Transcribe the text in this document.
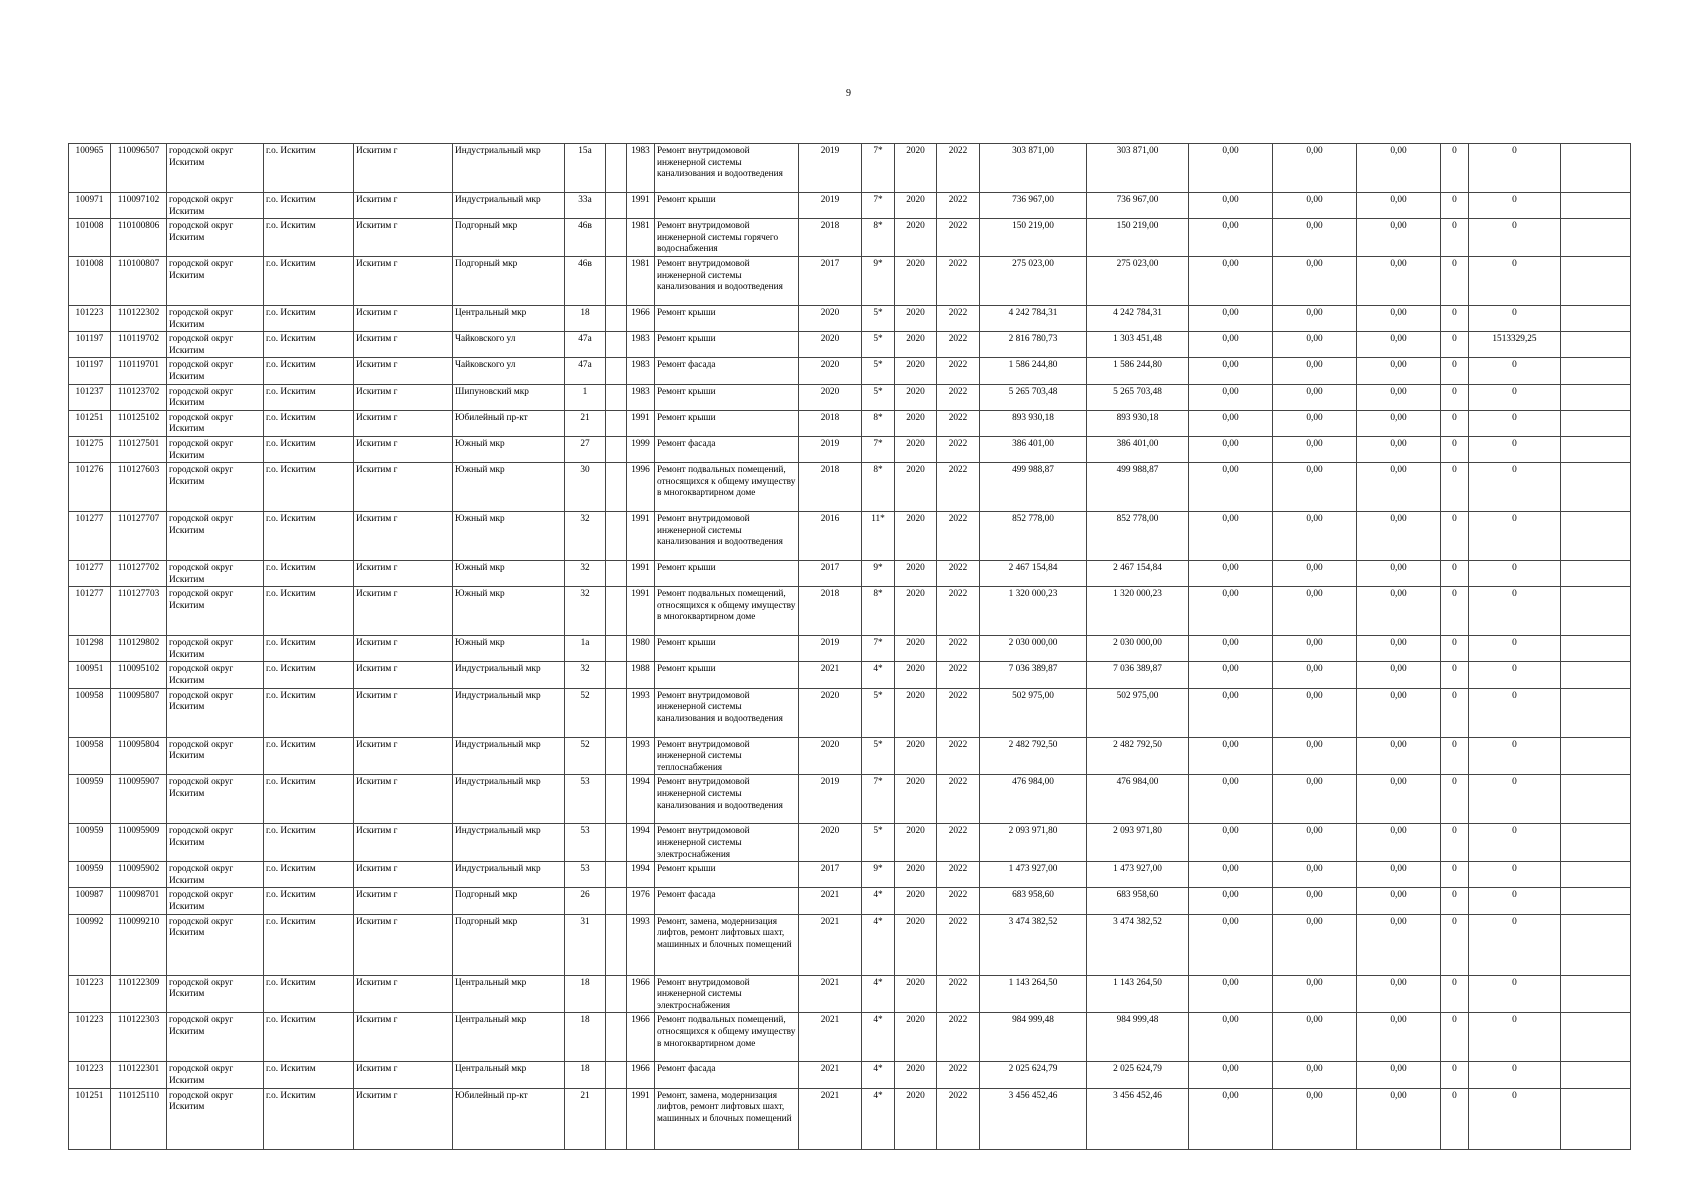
9
100965	110096507	городской округ Искитим	г.о. Искитим	Искитим г	Индустриальный мкр	15а		1983	Ремонт внутридомовой инженерной системы канализования и водоотведения	2019	7*	2020	2022	303 871,00	303 871,00	0,00	0,00	0,00	0	0	
100971	110097102	городской округ Искитим	г.о. Искитим	Искитим г	Индустриальный мкр	33а		1991	Ремонт крыши	2019	7*	2020	2022	736 967,00	736 967,00	0,00	0,00	0,00	0	0	
101008	110100806	городской округ Искитим	г.о. Искитим	Искитим г	Подгорный мкр	46в		1981	Ремонт внутридомовой инженерной системы горячего водоснабжения	2018	8*	2020	2022	150 219,00	150 219,00	0,00	0,00	0,00	0	0	
101008	110100807	городской округ Искитим	г.о. Искитим	Искитим г	Подгорный мкр	46в		1981	Ремонт внутридомовой инженерной системы канализования и водоотведения	2017	9*	2020	2022	275 023,00	275 023,00	0,00	0,00	0,00	0	0	
101223	110122302	городской округ Искитим	г.о. Искитим	Искитим г	Центральный мкр	18		1966	Ремонт крыши	2020	5*	2020	2022	4 242 784,31	4 242 784,31	0,00	0,00	0,00	0	0	
101197	110119702	городской округ Искитим	г.о. Искитим	Искитим г	Чайковского ул	47а		1983	Ремонт крыши	2020	5*	2020	2022	2 816 780,73	1 303 451,48	0,00	0,00	0,00	0	1513329,25	
101197	110119701	городской округ Искитим	г.о. Искитим	Искитим г	Чайковского ул	47а		1983	Ремонт фасада	2020	5*	2020	2022	1 586 244,80	1 586 244,80	0,00	0,00	0,00	0	0	
101237	110123702	городской округ Искитим	г.о. Искитим	Искитим г	Шипуновский мкр	1		1983	Ремонт крыши	2020	5*	2020	2022	5 265 703,48	5 265 703,48	0,00	0,00	0,00	0	0	
101251	110125102	городской округ Искитим	г.о. Искитим	Искитим г	Юбилейный пр-кт	21		1991	Ремонт крыши	2018	8*	2020	2022	893 930,18	893 930,18	0,00	0,00	0,00	0	0	
101275	110127501	городской округ Искитим	г.о. Искитим	Искитим г	Южный мкр	27		1999	Ремонт фасада	2019	7*	2020	2022	386 401,00	386 401,00	0,00	0,00	0,00	0	0	
101276	110127603	городской округ Искитим	г.о. Искитим	Искитим г	Южный мкр	30		1996	Ремонт подвальных помещений, относящихся к общему имуществу в многоквартирном доме	2018	8*	2020	2022	499 988,87	499 988,87	0,00	0,00	0,00	0	0	
101277	110127707	городской округ Искитим	г.о. Искитим	Искитим г	Южный мкр	32		1991	Ремонт внутридомовой инженерной системы канализования и водоотведения	2016	11*	2020	2022	852 778,00	852 778,00	0,00	0,00	0,00	0	0	
101277	110127702	городской округ Искитим	г.о. Искитим	Искитим г	Южный мкр	32		1991	Ремонт крыши	2017	9*	2020	2022	2 467 154,84	2 467 154,84	0,00	0,00	0,00	0	0	
101277	110127703	городской округ Искитим	г.о. Искитим	Искитим г	Южный мкр	32		1991	Ремонт подвальных помещений, относящихся к общему имуществу в многоквартирном доме	2018	8*	2020	2022	1 320 000,23	1 320 000,23	0,00	0,00	0,00	0	0	
101298	110129802	городской округ Искитим	г.о. Искитим	Искитим г	Южный мкр	1а		1980	Ремонт крыши	2019	7*	2020	2022	2 030 000,00	2 030 000,00	0,00	0,00	0,00	0	0	
100951	110095102	городской округ Искитим	г.о. Искитим	Искитим г	Индустриальный мкр	32		1988	Ремонт крыши	2021	4*	2020	2022	7 036 389,87	7 036 389,87	0,00	0,00	0,00	0	0	
100958	110095807	городской округ Искитим	г.о. Искитим	Искитим г	Индустриальный мкр	52		1993	Ремонт внутридомовой инженерной системы канализования и водоотведения	2020	5*	2020	2022	502 975,00	502 975,00	0,00	0,00	0,00	0	0	
100958	110095804	городской округ Искитим	г.о. Искитим	Искитим г	Индустриальный мкр	52		1993	Ремонт внутридомовой инженерной системы теплоснабжения	2020	5*	2020	2022	2 482 792,50	2 482 792,50	0,00	0,00	0,00	0	0	
100959	110095907	городской округ Искитим	г.о. Искитим	Искитим г	Индустриальный мкр	53		1994	Ремонт внутридомовой инженерной системы канализования и водоотведения	2019	7*	2020	2022	476 984,00	476 984,00	0,00	0,00	0,00	0	0	
100959	110095909	городской округ Искитим	г.о. Искитим	Искитим г	Индустриальный мкр	53		1994	Ремонт внутридомовой инженерной системы электроснабжения	2020	5*	2020	2022	2 093 971,80	2 093 971,80	0,00	0,00	0,00	0	0	
100959	110095902	городской округ Искитим	г.о. Искитим	Искитим г	Индустриальный мкр	53		1994	Ремонт крыши	2017	9*	2020	2022	1 473 927,00	1 473 927,00	0,00	0,00	0,00	0	0	
100987	110098701	городской округ Искитим	г.о. Искитим	Искитим г	Подгорный мкр	26		1976	Ремонт фасада	2021	4*	2020	2022	683 958,60	683 958,60	0,00	0,00	0,00	0	0	
100992	110099210	городской округ Искитим	г.о. Искитим	Искитим г	Подгорный мкр	31		1993	Ремонт, замена, модернизация лифтов, ремонт лифтовых шахт, машинных и блочных помещений	2021	4*	2020	2022	3 474 382,52	3 474 382,52	0,00	0,00	0,00	0	0	
101223	110122309	городской округ Искитим	г.о. Искитим	Искитим г	Центральный мкр	18		1966	Ремонт внутридомовой инженерной системы электроснабжения	2021	4*	2020	2022	1 143 264,50	1 143 264,50	0,00	0,00	0,00	0	0	
101223	110122303	городской округ Искитим	г.о. Искитим	Искитим г	Центральный мкр	18		1966	Ремонт подвальных помещений, относящихся к общему имуществу в многоквартирном доме	2021	4*	2020	2022	984 999,48	984 999,48	0,00	0,00	0,00	0	0	
101223	110122301	городской округ Искитим	г.о. Искитим	Искитим г	Центральный мкр	18		1966	Ремонт фасада	2021	4*	2020	2022	2 025 624,79	2 025 624,79	0,00	0,00	0,00	0	0	
101251	110125110	городской округ Искитим	г.о. Искитим	Искитим г	Юбилейный пр-кт	21		1991	Ремонт, замена, модернизация лифтов, ремонт лифтовых шахт, машинных и блочных помещений	2021	4*	2020	2022	3 456 452,46	3 456 452,46	0,00	0,00	0,00	0	0	
